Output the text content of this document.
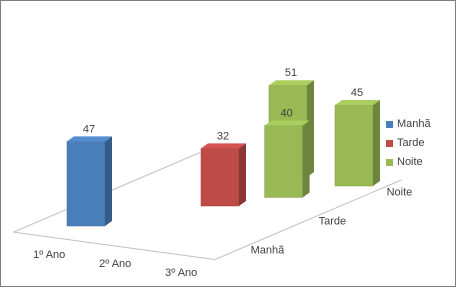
51
45
40
32
47
1º Ano
2º Ano
3º Ano
Manhã
Tarde
Noite
Manhã
Tarde
Noite
